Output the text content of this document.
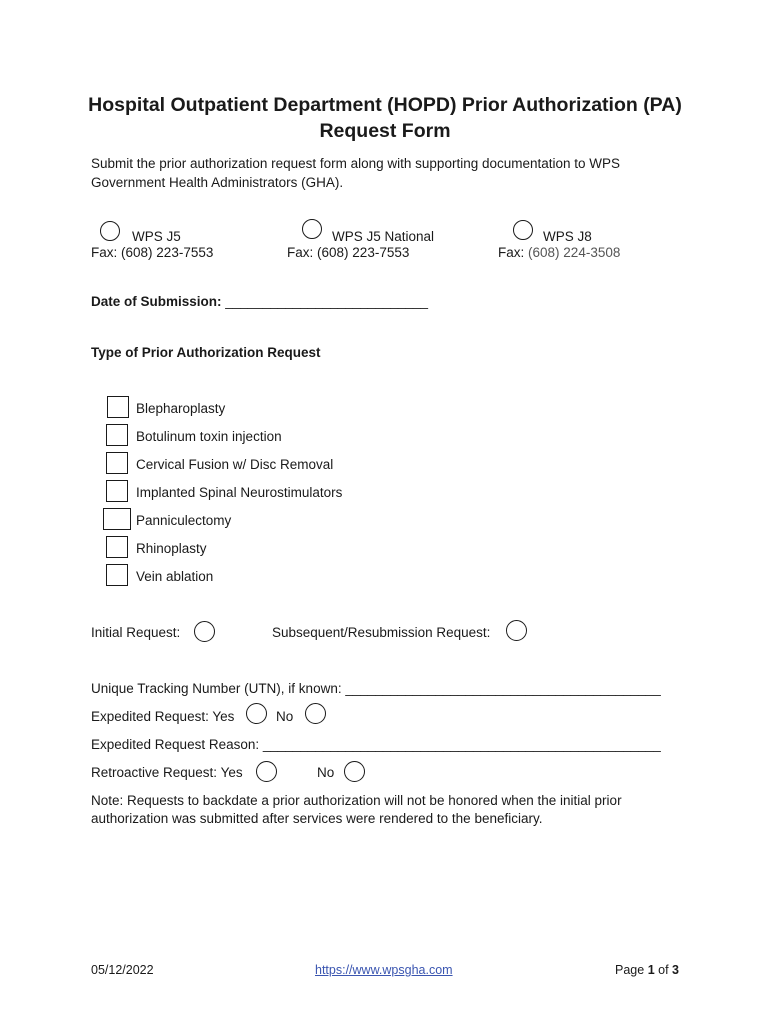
Hospital Outpatient Department (HOPD) Prior Authorization (PA) Request Form
Submit the prior authorization request form along with supporting documentation to WPS Government Health Administrators (GHA).
WPS J5
Fax: (608) 223-7553
WPS J5 National
Fax: (608) 223-7553
WPS J8
Fax: (608) 224-3508
Date of Submission: ___________________________
Type of Prior Authorization Request
Blepharoplasty
Botulinum toxin injection
Cervical Fusion w/ Disc Removal
Implanted Spinal Neurostimulators
Panniculectomy
Rhinoplasty
Vein ablation
Initial Request:	Subsequent/Resubmission Request:
Unique Tracking Number (UTN), if known: __________________________________________
Expedited Request: Yes	No
Expedited Request Reason: _____________________________________________________
Retroactive Request: Yes	No
Note: Requests to backdate a prior authorization will not be honored when the initial prior authorization was submitted after services were rendered to the beneficiary.
05/12/2022	https://www.wpsgha.com	Page 1 of 3
